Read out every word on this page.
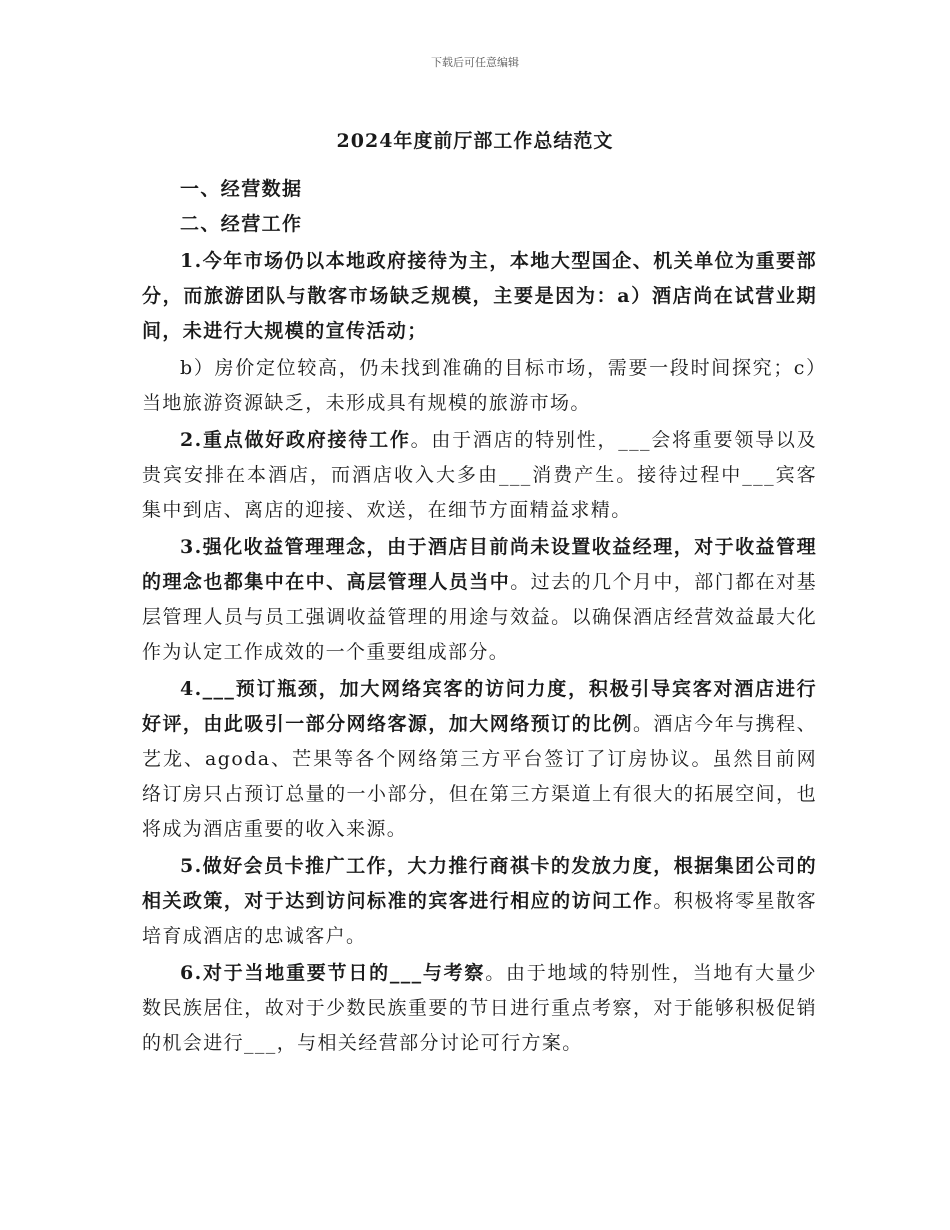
下载后可任意编辑
2024年度前厅部工作总结范文

一、经营数据

二、经营工作

1.今年市场仍以本地政府接待为主，本地大型国企、机关单位为重要部分，而旅游团队与散客市场缺乏规模，主要是因为：a）酒店尚在试营业期间，未进行大规模的宣传活动；

b）房价定位较高，仍未找到准确的目标市场，需要一段时间探究；c）当地旅游资源缺乏，未形成具有规模的旅游市场。

2.重点做好政府接待工作。由于酒店的特别性，___会将重要领导以及贵宾安排在本酒店，而酒店收入大多由___消费产生。接待过程中___宾客集中到店、离店的迎接、欢送，在细节方面精益求精。

3.强化收益管理理念，由于酒店目前尚未设置收益经理，对于收益管理的理念也都集中在中、高层管理人员当中。过去的几个月中，部门都在对基层管理人员与员工强调收益管理的用途与效益。以确保酒店经营效益最大化作为认定工作成效的一个重要组成部分。

4.___预订瓶颈，加大网络宾客的访问力度，积极引导宾客对酒店进行好评，由此吸引一部分网络客源，加大网络预订的比例。酒店今年与携程、艺龙、agoda、芒果等各个网络第三方平台签订了订房协议。虽然目前网络订房只占预订总量的一小部分，但在第三方渠道上有很大的拓展空间，也将成为酒店重要的收入来源。

5.做好会员卡推广工作，大力推行商祺卡的发放力度，根据集团公司的相关政策，对于达到访问标准的宾客进行相应的访问工作。积极将零星散客培育成酒店的忠诚客户。

6.对于当地重要节日的___与考察。由于地域的特别性，当地有大量少数民族居住，故对于少数民族重要的节日进行重点考察，对于能够积极促销的机会进行___，与相关经营部分讨论可行方案。
